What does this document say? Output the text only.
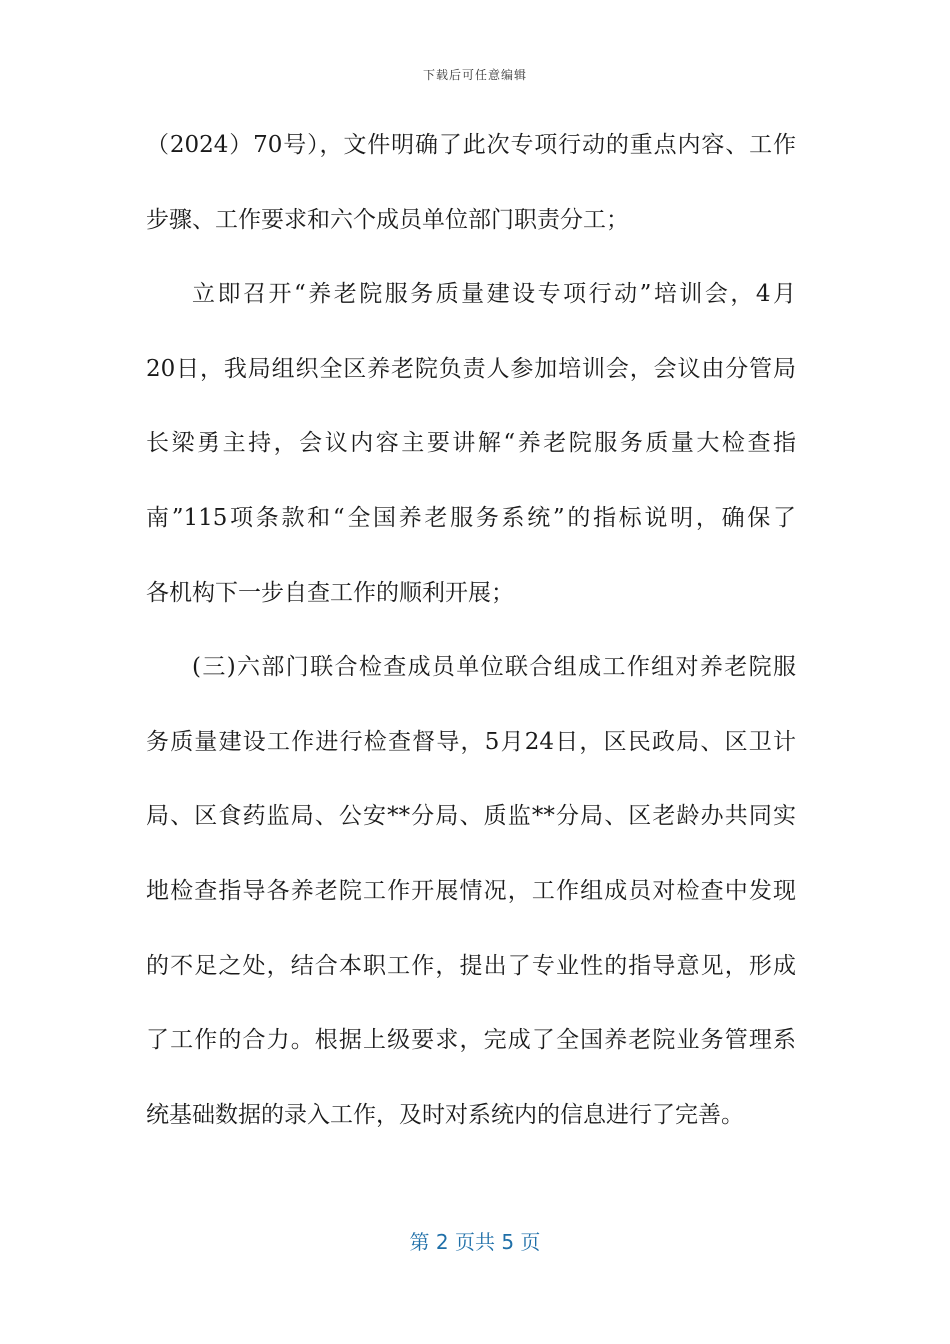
下载后可任意编辑
（2024）70号），文件明确了此次专项行动的重点内容、工作
步骤、工作要求和六个成员单位部门职责分工；
立即召开“养老院服务质量建设专项行动”培训会，4月
20日，我局组织全区养老院负责人参加培训会，会议由分管局
长梁勇主持，会议内容主要讲解“养老院服务质量大检查指
南”115项条款和“全国养老服务系统”的指标说明，确保了
各机构下一步自查工作的顺利开展；
(三)六部门联合检查成员单位联合组成工作组对养老院服
务质量建设工作进行检查督导，5月24日，区民政局、区卫计
局、区食药监局、公安**分局、质监**分局、区老龄办共同实
地检查指导各养老院工作开展情况，工作组成员对检查中发现
的不足之处，结合本职工作，提出了专业性的指导意见，形成
了工作的合力。根据上级要求，完成了全国养老院业务管理系
统基础数据的录入工作，及时对系统内的信息进行了完善。
第 2 页共 5 页
